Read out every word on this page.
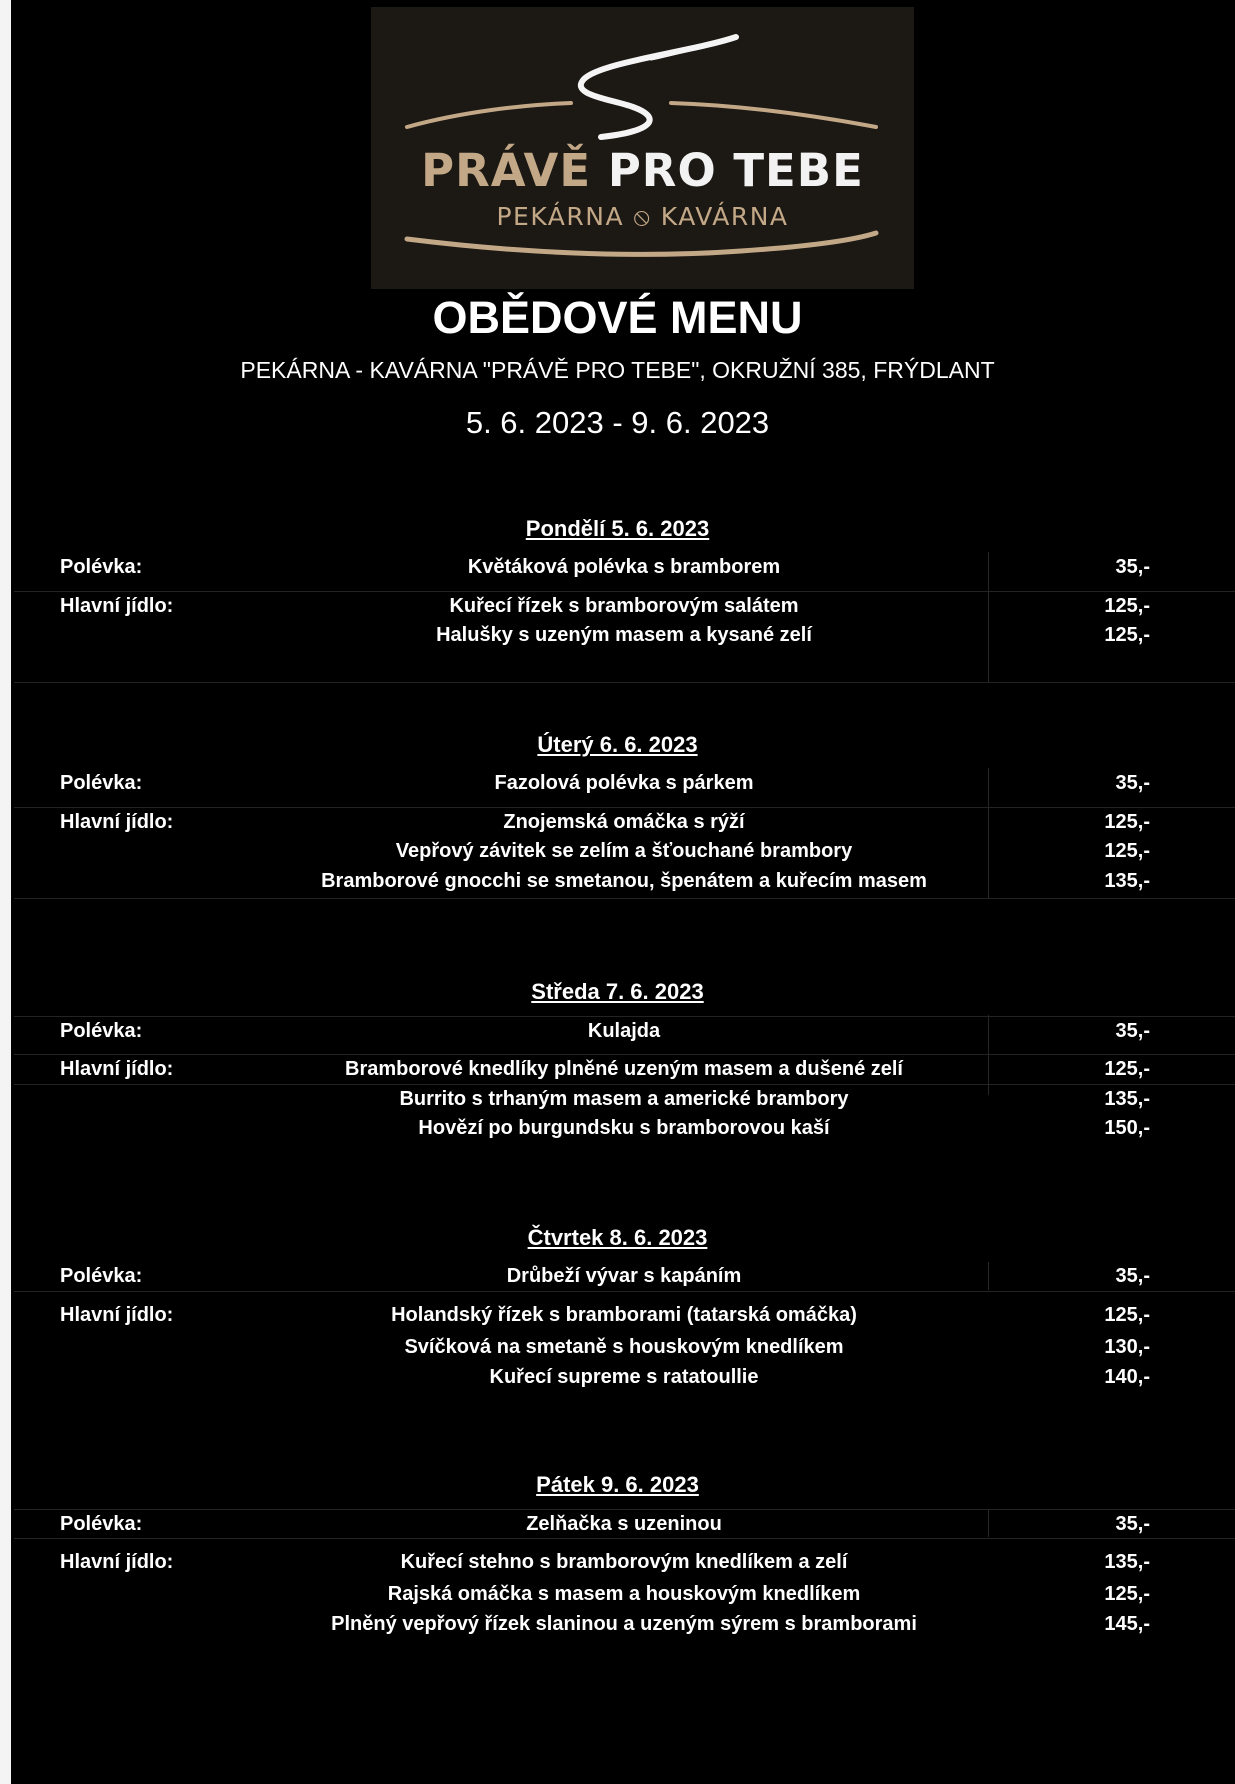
PRÁVĚ PRO TEBE
PEKÁRNA ⦸ KAVÁRNA
OBĚDOVÉ MENU
PEKÁRNA - KAVÁRNA "PRÁVĚ PRO TEBE", OKRUŽNÍ 385, FRÝDLANT
5. 6. 2023 - 9. 6. 2023
Pondělí 5. 6. 2023
Polévka:	Květáková polévka s bramborem	35,-
Hlavní jídlo:	Kuřecí řízek s bramborovým salátem	125,-
Halušky s uzeným masem a kysané zelí	125,-
Úterý 6. 6. 2023
Polévka:	Fazolová polévka s párkem	35,-
Hlavní jídlo:	Znojemská omáčka s rýží	125,-
Vepřový závitek se zelím a šťouchané brambory	125,-
Bramborové gnocchi se smetanou, špenátem a kuřecím masem	135,-
Středa 7. 6. 2023
Polévka:	Kulajda	35,-
Hlavní jídlo:	Bramborové knedlíky plněné uzeným masem a dušené zelí	125,-
Burrito s trhaným masem a americké brambory	135,-
Hovězí po burgundsku s bramborovou kaší	150,-
Čtvrtek 8. 6. 2023
Polévka:	Drůbeží vývar s kapáním	35,-
Hlavní jídlo:	Holandský řízek s bramborami (tatarská omáčka)	125,-
Svíčková na smetaně s houskovým knedlíkem	130,-
Kuřecí supreme s ratatoullie	140,-
Pátek 9. 6. 2023
Polévka:	Zelňačka s uzeninou	35,-
Hlavní jídlo:	Kuřecí stehno s bramborovým knedlíkem a zelí	135,-
Rajská omáčka s masem a houskovým knedlíkem	125,-
Plněný vepřový řízek slaninou a uzeným sýrem s bramborami	145,-
